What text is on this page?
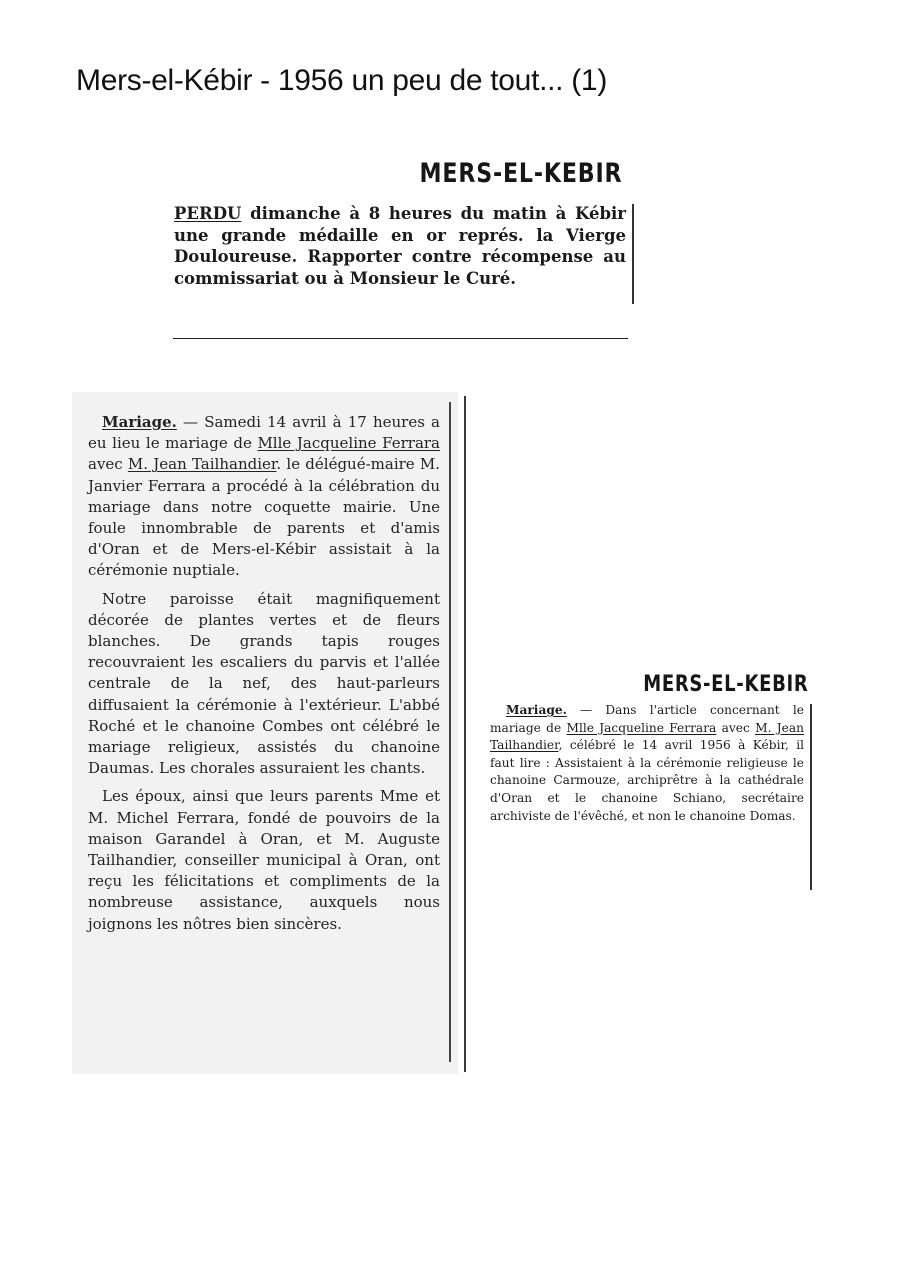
Mers-el-Kébir - 1956 un peu de tout... (1)
MERS-EL-KEBIR
PERDU dimanche à 8 heures du matin à Kébir une grande médaille en or représ. la Vierge Douloureuse. Rapporter contre récompense au commissariat ou à Monsieur le Curé.

Mariage. — Samedi 14 avril à 17 heures a eu lieu le mariage de Mlle Jacqueline Ferrara avec M. Jean Tailhandier. le délégué-maire M. Janvier Ferrara a procédé à la célébration du mariage dans notre coquette mairie. Une foule innombrable de parents et d'amis d'Oran et de Mers-el-Kébir assistait à la cérémonie nuptiale.

Notre paroisse était magnifiquement décorée de plantes vertes et de fleurs blanches. De grands tapis rouges recouvraient les escaliers du parvis et l'allée centrale de la nef, des haut-parleurs diffusaient la cérémonie à l'extérieur. L'abbé Roché et le chanoine Combes ont célébré le mariage religieux, assistés du chanoine Daumas. Les chorales assuraient les chants.

Les époux, ainsi que leurs parents Mme et M. Michel Ferrara, fondé de pouvoirs de la maison Garandel à Oran, et M. Auguste Tailhandier, conseiller municipal à Oran, ont reçu les félicitations et compliments de la nombreuse assistance, auxquels nous joignons les nôtres bien sincères.

MERS-EL-KEBIR

Mariage. — Dans l'article concernant le mariage de Mlle Jacqueline Ferrara avec M. Jean Tailhandier, célébré le 14 avril 1956 à Kébir, il faut lire : Assistaient à la cérémonie religieuse le chanoine Carmouze, archiprêtre à la cathédrale d'Oran et le chanoine Schiano, secrétaire archiviste de l'évêché, et non le chanoine Domas.
